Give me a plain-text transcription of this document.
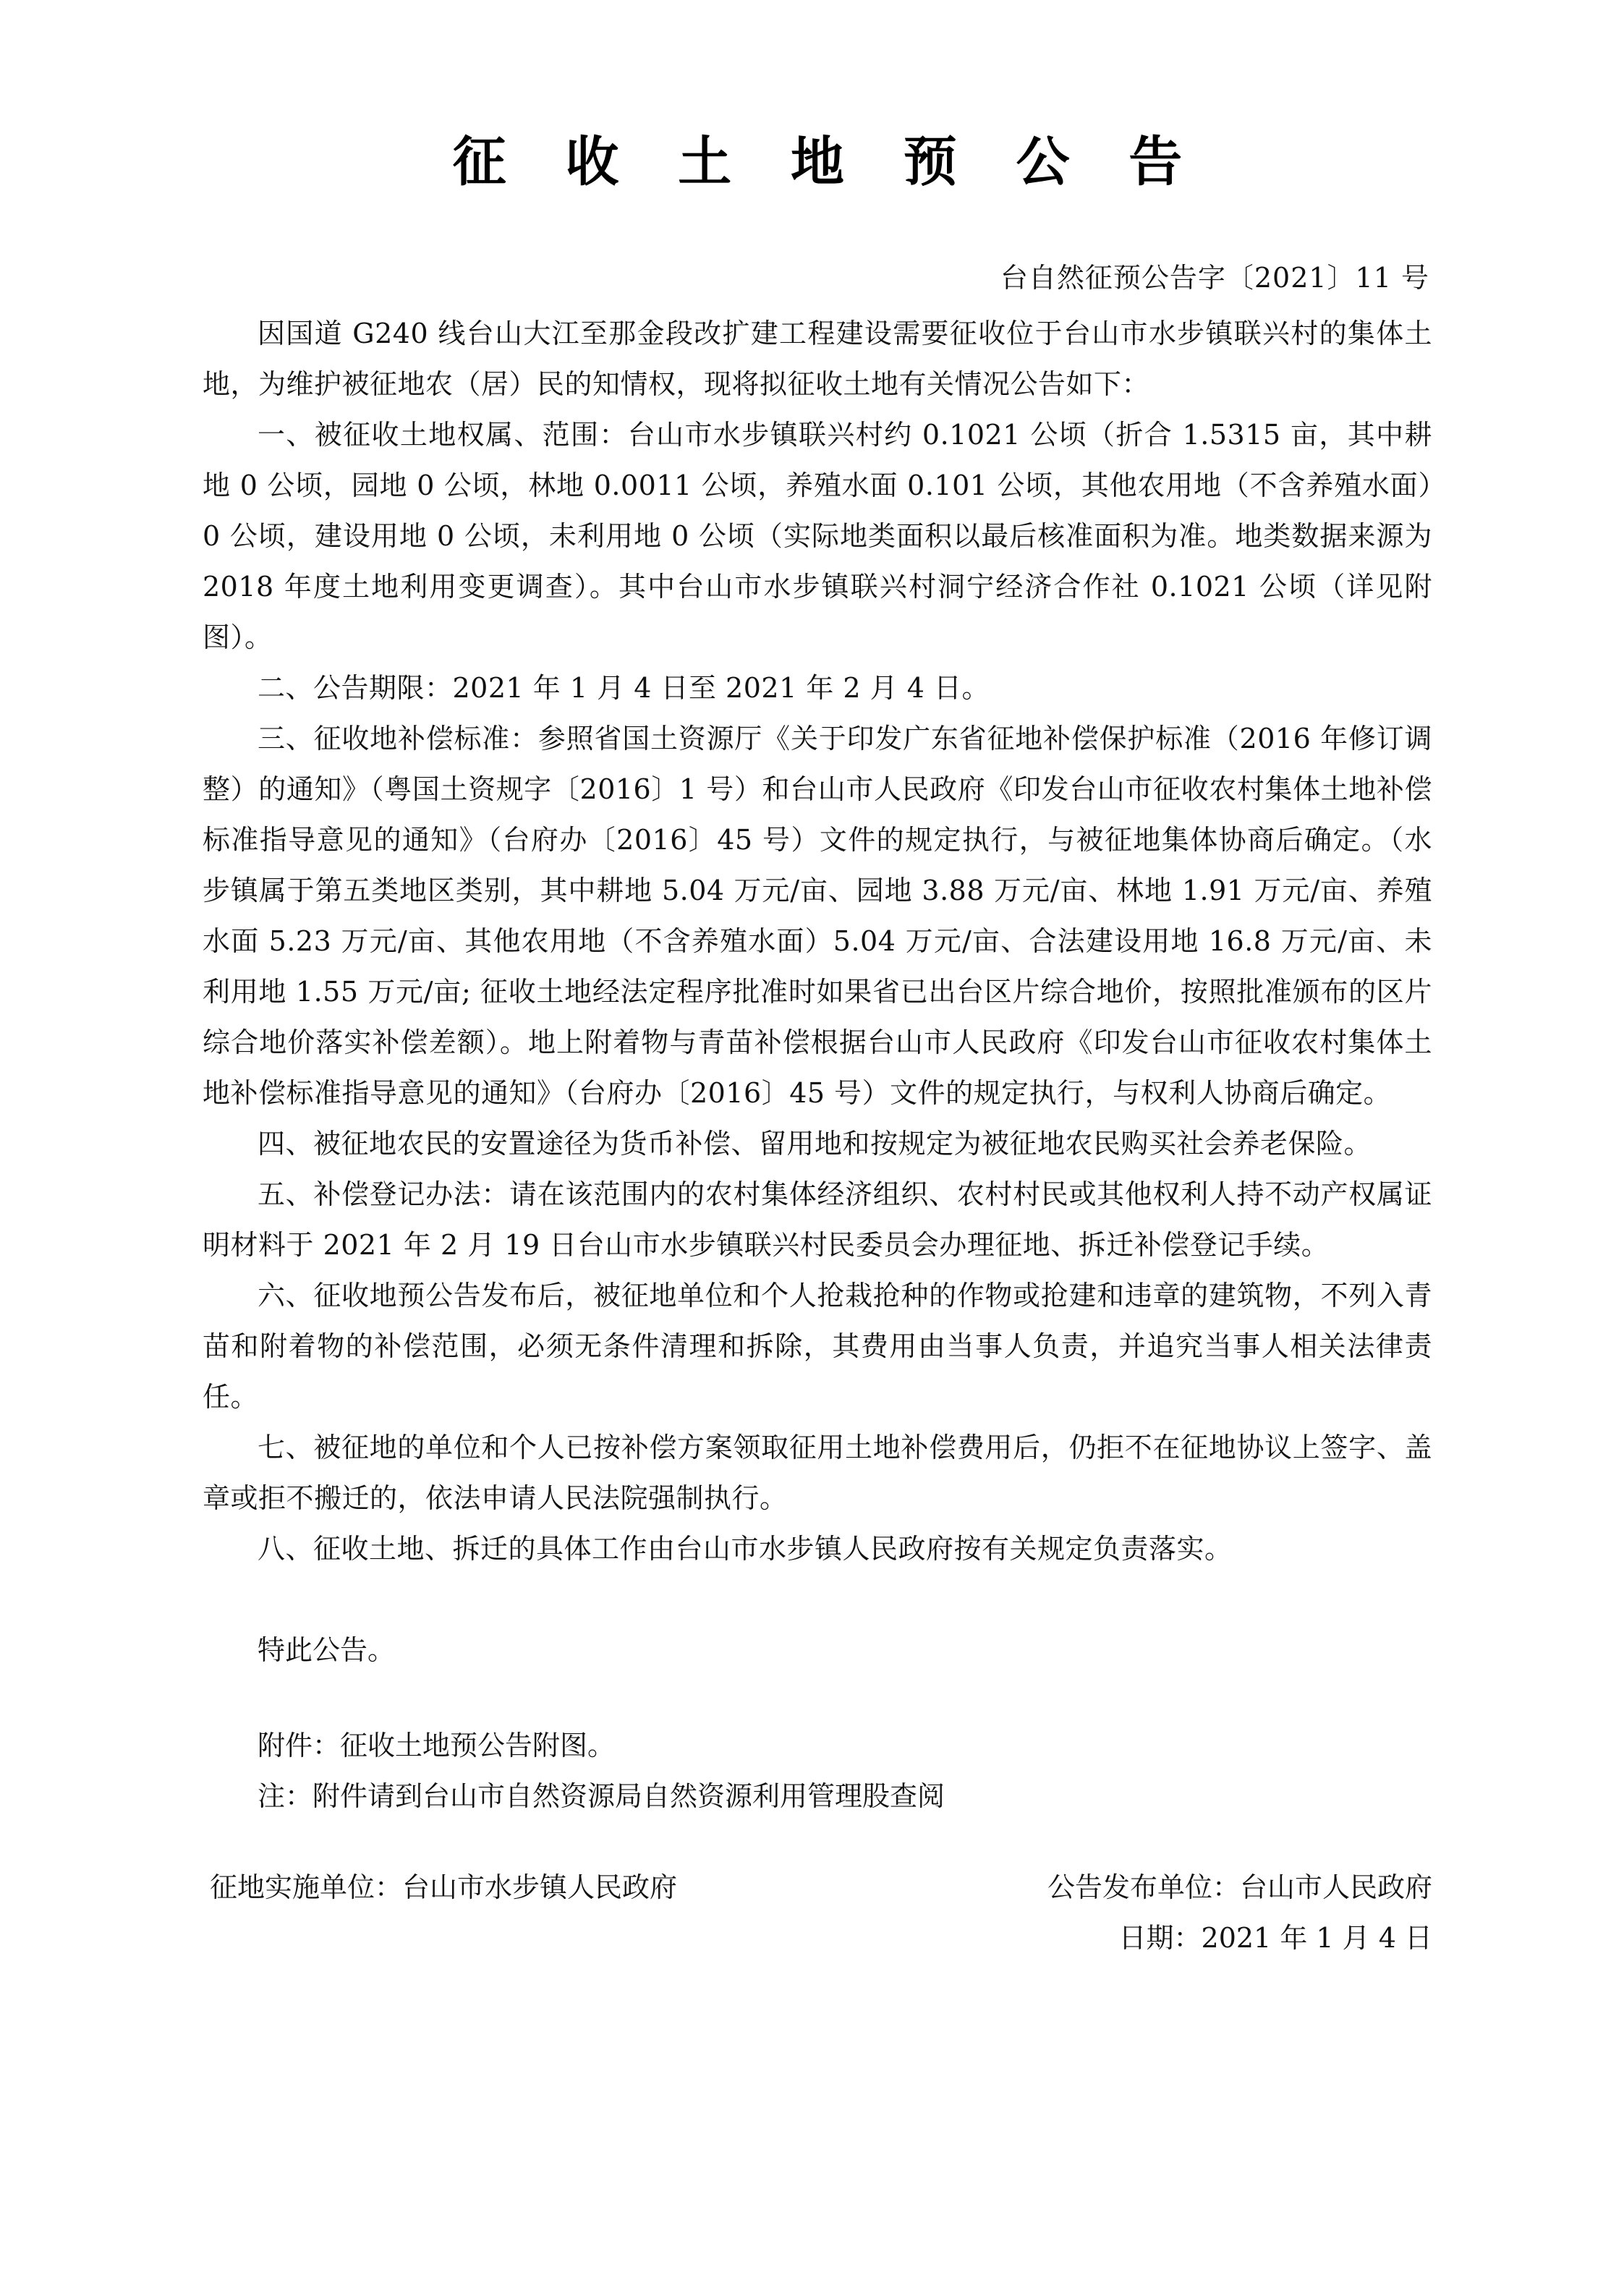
征 收 土 地 预 公 告
台自然征预公告字〔2021〕11 号

因国道 G240 线台山大江至那金段改扩建工程建设需要征收位于台山市水步镇联兴村的集体土地，为维护被征地农（居）民的知情权，现将拟征收土地有关情况公告如下：

一、被征收土地权属、范围：台山市水步镇联兴村约 0.1021 公顷（折合 1.5315 亩，其中耕地 0 公顷，园地 0 公顷，林地 0.0011 公顷，养殖水面 0.101 公顷，其他农用地（不含养殖水面）0 公顷，建设用地 0 公顷，未利用地 0 公顷（实际地类面积以最后核准面积为准。地类数据来源为 2018 年度土地利用变更调查）。其中台山市水步镇联兴村洞宁经济合作社 0.1021 公顷（详见附图）。

二、公告期限：2021 年 1 月 4 日至 2021 年 2 月 4 日。

三、征收地补偿标准：参照省国土资源厅《关于印发广东省征地补偿保护标准（2016 年修订调整）的通知》（粤国土资规字〔2016〕1 号）和台山市人民政府《印发台山市征收农村集体土地补偿标准指导意见的通知》（台府办〔2016〕45 号）文件的规定执行，与被征地集体协商后确定。（水步镇属于第五类地区类别，其中耕地 5.04 万元/亩、园地 3.88 万元/亩、林地 1.91 万元/亩、养殖水面 5.23 万元/亩、其他农用地（不含养殖水面）5.04 万元/亩、合法建设用地 16.8 万元/亩、未利用地 1.55 万元/亩; 征收土地经法定程序批准时如果省已出台区片综合地价，按照批准颁布的区片综合地价落实补偿差额）。地上附着物与青苗补偿根据台山市人民政府《印发台山市征收农村集体土地补偿标准指导意见的通知》（台府办〔2016〕45 号）文件的规定执行，与权利人协商后确定。

四、被征地农民的安置途径为货币补偿、留用地和按规定为被征地农民购买社会养老保险。

五、补偿登记办法：请在该范围内的农村集体经济组织、农村村民或其他权利人持不动产权属证明材料于 2021 年 2 月 19 日台山市水步镇联兴村民委员会办理征地、拆迁补偿登记手续。

六、征收地预公告发布后，被征地单位和个人抢栽抢种的作物或抢建和违章的建筑物，不列入青苗和附着物的补偿范围，必须无条件清理和拆除，其费用由当事人负责，并追究当事人相关法律责任。

七、被征地的单位和个人已按补偿方案领取征用土地补偿费用后，仍拒不在征地协议上签字、盖章或拒不搬迁的，依法申请人民法院强制执行。

八、征收土地、拆迁的具体工作由台山市水步镇人民政府按有关规定负责落实。

特此公告。

附件：征收土地预公告附图。

注：附件请到台山市自然资源局自然资源利用管理股查阅

征地实施单位：台山市水步镇人民政府	公告发布单位：台山市人民政府
日期：2021 年 1 月 4 日
